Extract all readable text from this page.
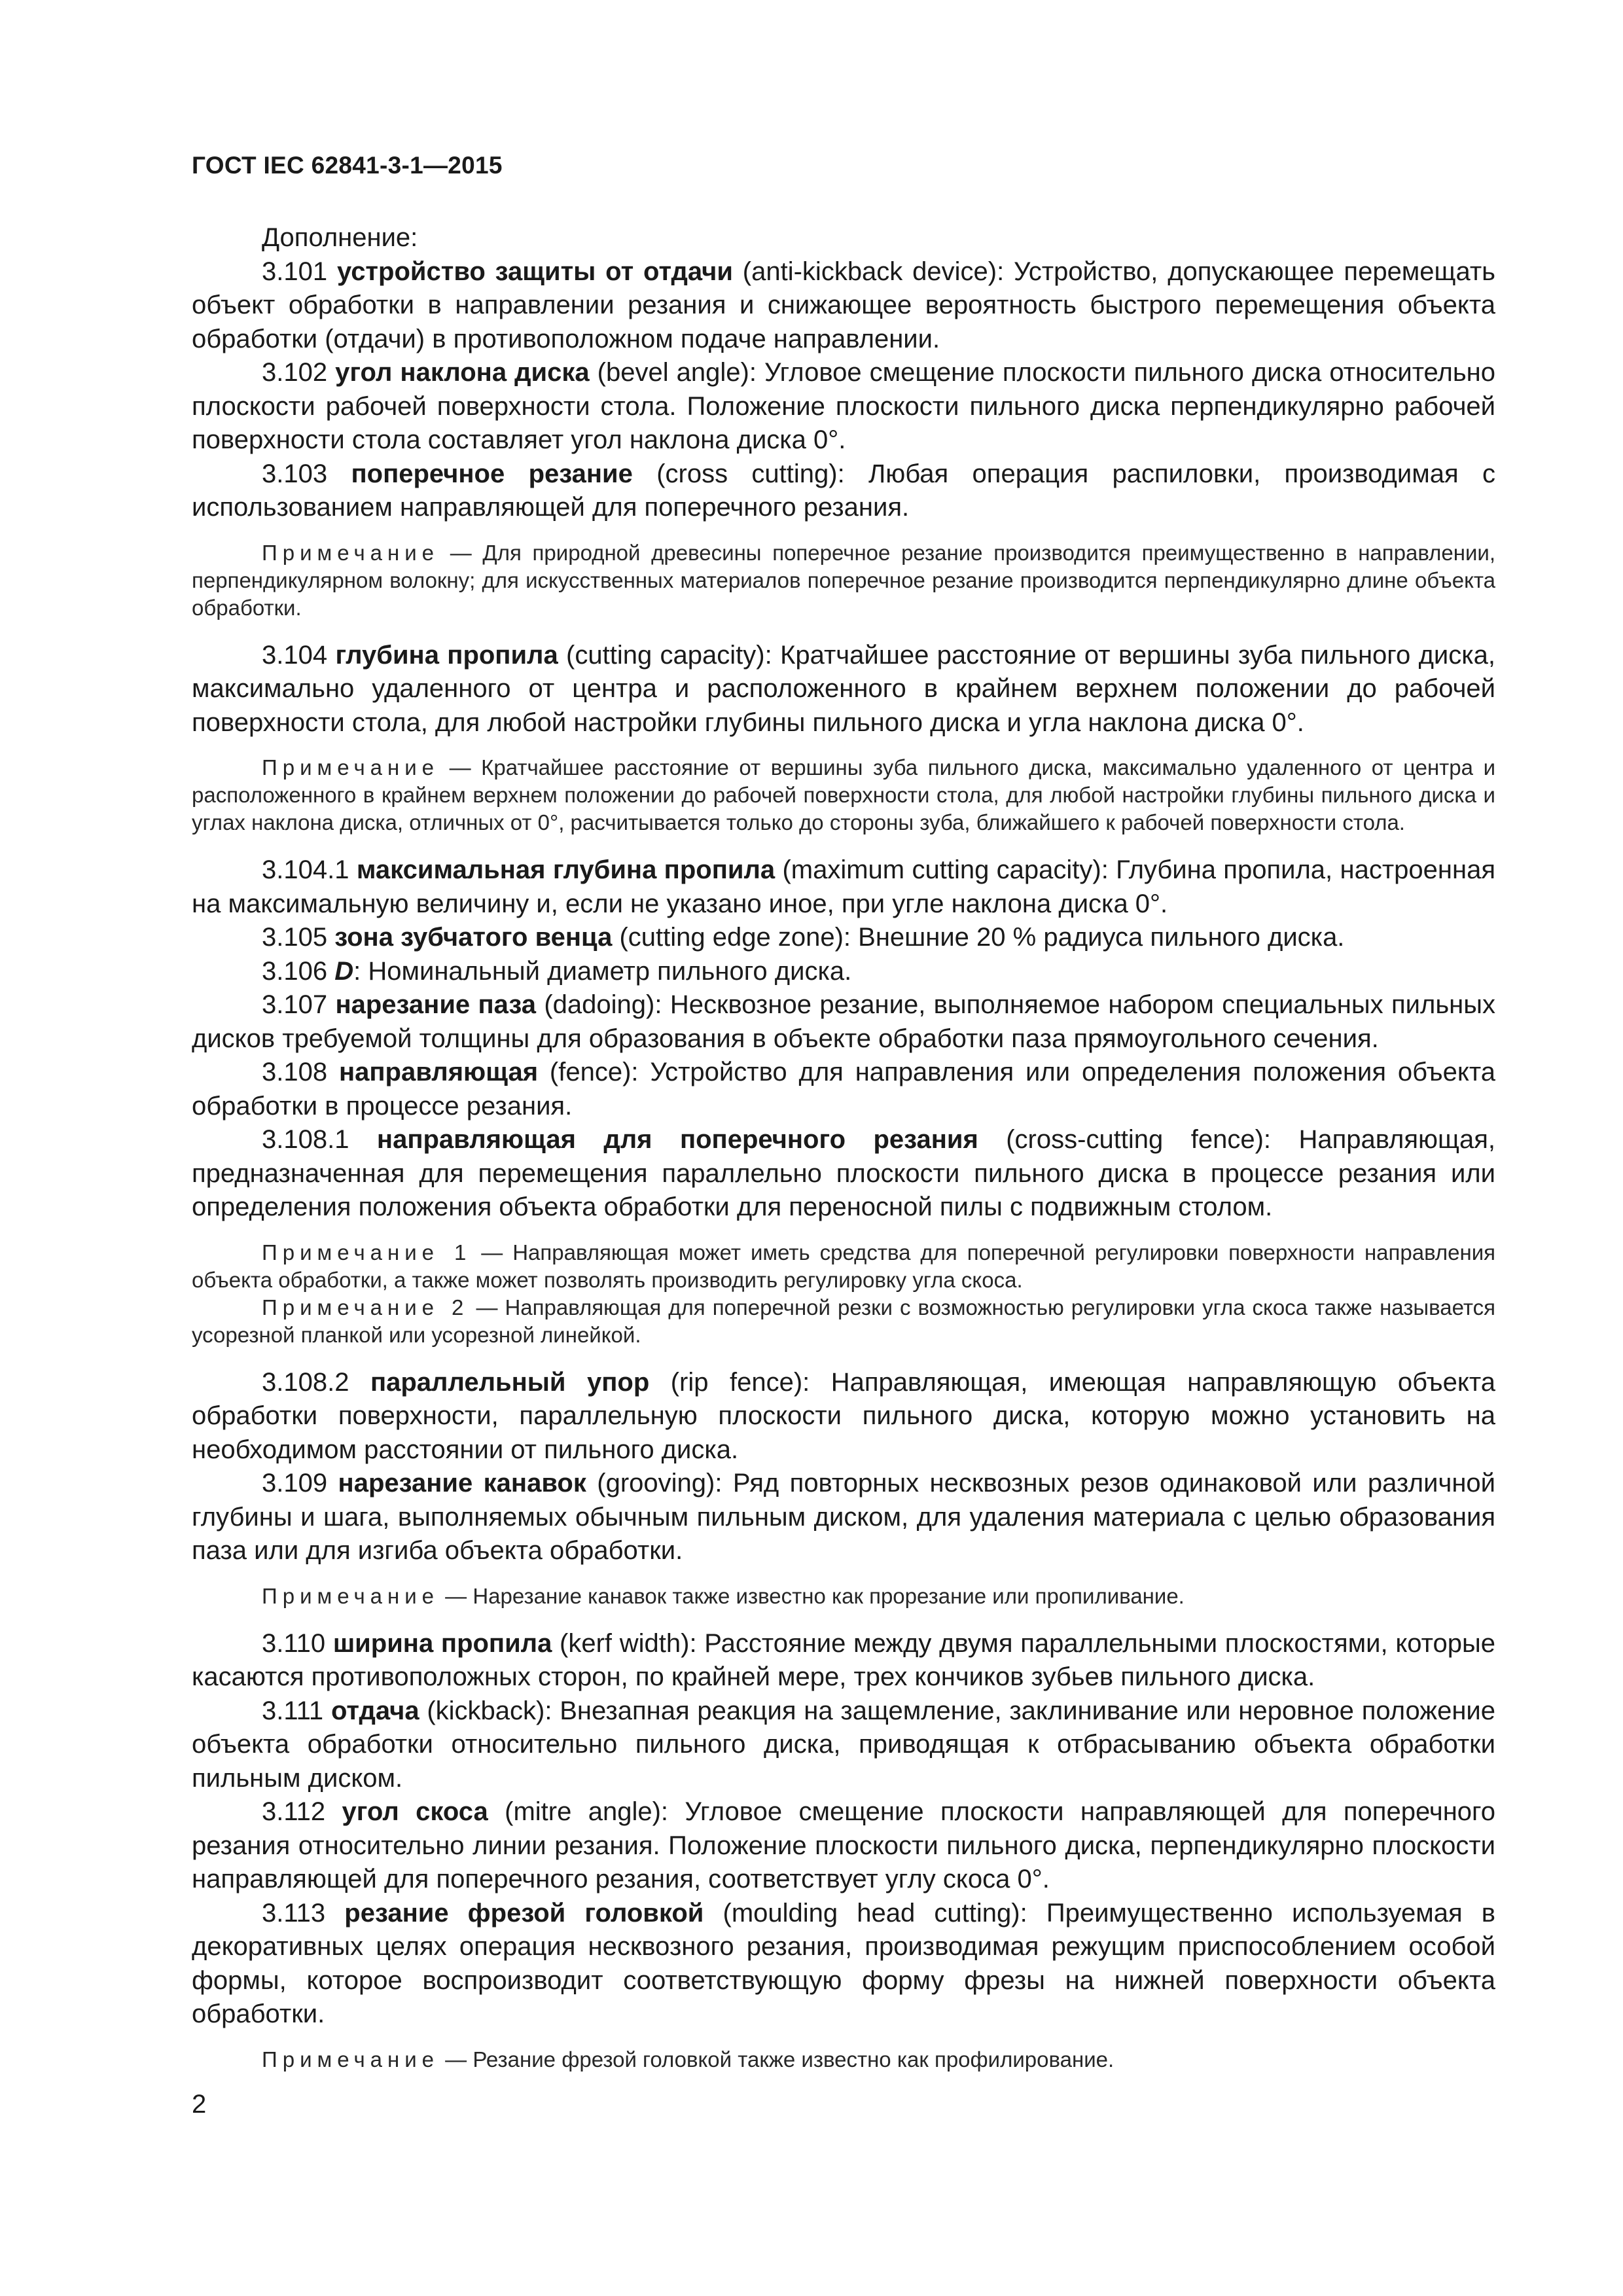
ГОСТ IEC 62841-3-1—2015

Дополнение:

3.101 устройство защиты от отдачи (anti-kickback device): Устройство, допускающее перемещать объект обработки в направлении резания и снижающее вероятность быстрого перемещения объекта обработки (отдачи) в противоположном подаче направлении.

3.102 угол наклона диска (bevel angle): Угловое смещение плоскости пильного диска относительно плоскости рабочей поверхности стола. Положение плоскости пильного диска перпендикулярно рабочей поверхности стола составляет угол наклона диска 0°.

3.103 поперечное резание (cross cutting): Любая операция распиловки, производимая с использованием направляющей для поперечного резания.

Примечание — Для природной древесины поперечное резание производится преимущественно в направлении, перпендикулярном волокну; для искусственных материалов поперечное резание производится перпендикулярно длине объекта обработки.

3.104 глубина пропила (cutting capacity): Кратчайшее расстояние от вершины зуба пильного диска, максимально удаленного от центра и расположенного в крайнем верхнем положении до рабочей поверхности стола, для любой настройки глубины пильного диска и угла наклона диска 0°.

Примечание — Кратчайшее расстояние от вершины зуба пильного диска, максимально удаленного от центра и расположенного в крайнем верхнем положении до рабочей поверхности стола, для любой настройки глубины пильного диска и углах наклона диска, отличных от 0°, расчитывается только до стороны зуба, ближайшего к рабочей поверхности стола.

3.104.1 максимальная глубина пропила (maximum cutting capacity): Глубина пропила, настроенная на максимальную величину и, если не указано иное, при угле наклона диска 0°.

3.105 зона зубчатого венца (cutting edge zone): Внешние 20 % радиуса пильного диска.

3.106 D: Номинальный диаметр пильного диска.

3.107 нарезание паза (dadoing): Несквозное резание, выполняемое набором специальных пильных дисков требуемой толщины для образования в объекте обработки паза прямоугольного сечения.

3.108 направляющая (fence): Устройство для направления или определения положения объекта обработки в процессе резания.

3.108.1 направляющая для поперечного резания (cross-cutting fence): Направляющая, предназначенная для перемещения параллельно плоскости пильного диска в процессе резания или определения положения объекта обработки для переносной пилы с подвижным столом.

Примечание 1 — Направляющая может иметь средства для поперечной регулировки поверхности направления объекта обработки, а также может позволять производить регулировку угла скоса.

Примечание 2 — Направляющая для поперечной резки с возможностью регулировки угла скоса также называется усорезной планкой или усорезной линейкой.

3.108.2 параллельный упор (rip fence): Направляющая, имеющая направляющую объекта обработки поверхности, параллельную плоскости пильного диска, которую можно установить на необходимом расстоянии от пильного диска.

3.109 нарезание канавок (grooving): Ряд повторных несквозных резов одинаковой или различной глубины и шага, выполняемых обычным пильным диском, для удаления материала с целью образования паза или для изгиба объекта обработки.

Примечание — Нарезание канавок также известно как прорезание или пропиливание.

3.110 ширина пропила (kerf width): Расстояние между двумя параллельными плоскостями, которые касаются противоположных сторон, по крайней мере, трех кончиков зубьев пильного диска.

3.111 отдача (kickback): Внезапная реакция на защемление, заклинивание или неровное положение объекта обработки относительно пильного диска, приводящая к отбрасыванию объекта обработки пильным диском.

3.112 угол скоса (mitre angle): Угловое смещение плоскости направляющей для поперечного резания относительно линии резания. Положение плоскости пильного диска, перпендикулярно плоскости направляющей для поперечного резания, соответствует углу скоса 0°.

3.113 резание фрезой головкой (moulding head cutting): Преимущественно используемая в декоративных целях операция несквозного резания, производимая режущим приспособлением особой формы, которое воспроизводит соответствующую форму фрезы на нижней поверхности объекта обработки.

Примечание — Резание фрезой головкой также известно как профилирование.

2
